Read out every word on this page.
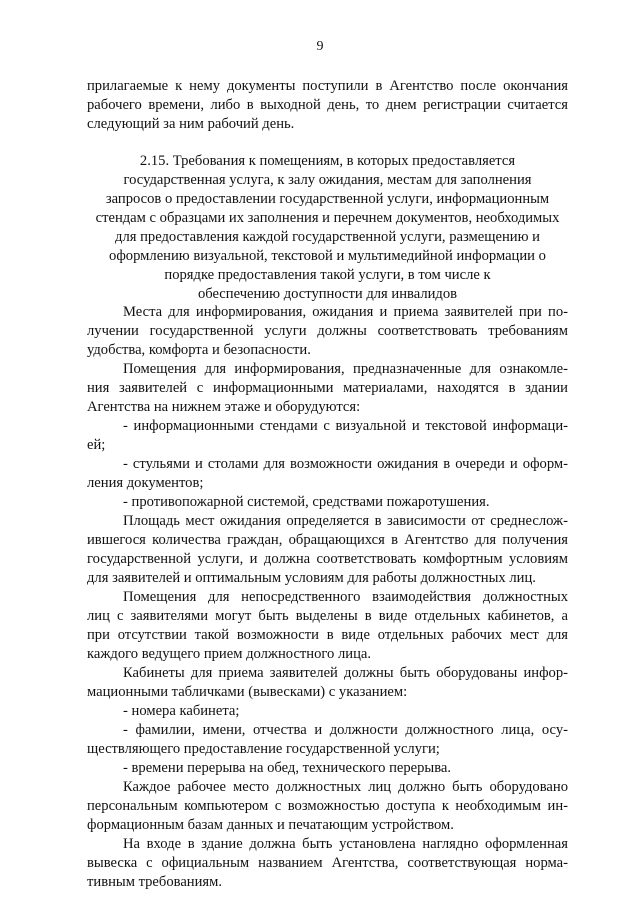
9
прилагаемые к нему документы поступили в Агентство после окончания
рабочего времени, либо в выходной день, то днем регистрации считается
следующий за ним рабочий день.
2.15. Требования к помещениям, в которых предоставляется
государственная услуга, к залу ожидания, местам для заполнения
запросов о предоставлении государственной услуги, информационным
стендам с образцами их заполнения и перечнем документов, необходимых
для предоставления каждой государственной услуги, размещению и
оформлению визуальной, текстовой и мультимедийной информации о
порядке предоставления такой услуги, в том числе к
обеспечению доступности для инвалидов
Места для информирования, ожидания и приема заявителей при по-
лучении государственной услуги должны соответствовать требованиям
удобства, комфорта и безопасности.
Помещения для информирования, предназначенные для ознакомле-
ния заявителей с информационными материалами, находятся в здании
Агентства на нижнем этаже и оборудуются:
- информационными стендами с визуальной и текстовой информаци-
ей;
- стульями и столами для возможности ожидания в очереди и оформ-
ления документов;
- противопожарной системой, средствами пожаротушения.
Площадь мест ожидания определяется в зависимости от среднеслож-
ившегося количества граждан, обращающихся в Агентство для получения
государственной услуги, и должна соответствовать комфортным условиям
для заявителей и оптимальным условиям для работы должностных лиц.
Помещения для непосредственного взаимодействия должностных
лиц с заявителями могут быть выделены в виде отдельных кабинетов, а
при отсутствии такой возможности в виде отдельных рабочих мест для
каждого ведущего прием должностного лица.
Кабинеты для приема заявителей должны быть оборудованы инфор-
мационными табличками (вывесками) с указанием:
- номера кабинета;
- фамилии, имени, отчества и должности должностного лица, осу-
ществляющего предоставление государственной услуги;
- времени перерыва на обед, технического перерыва.
Каждое рабочее место должностных лиц должно быть оборудовано
персональным компьютером с возможностью доступа к необходимым ин-
формационным базам данных и печатающим устройством.
На входе в здание должна быть установлена наглядно оформленная
вывеска с официальным названием Агентства, соответствующая норма-
тивным требованиям.
